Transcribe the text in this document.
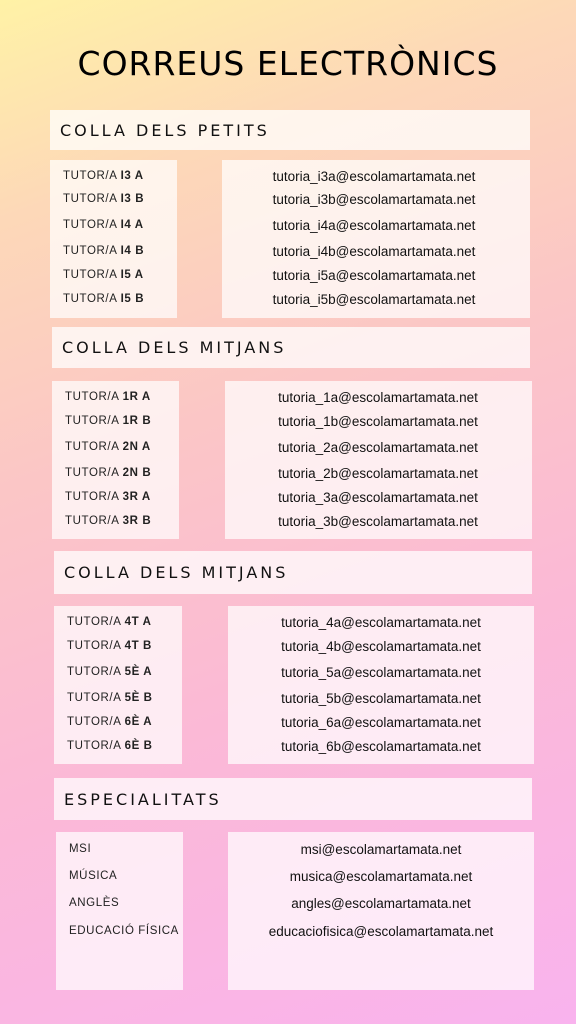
CORREUS ELECTRÒNICS
COLLA DELS PETITS
TUTOR/A I3 A
TUTOR/A I3 B
TUTOR/A I4 A
TUTOR/A I4 B
TUTOR/A I5 A
TUTOR/A I5 B
tutoria_i3a@escolamartamata.net
tutoria_i3b@escolamartamata.net
tutoria_i4a@escolamartamata.net
tutoria_i4b@escolamartamata.net
tutoria_i5a@escolamartamata.net
tutoria_i5b@escolamartamata.net
COLLA DELS MITJANS
TUTOR/A 1R A
TUTOR/A 1R B
TUTOR/A 2N A
TUTOR/A 2N B
TUTOR/A 3R A
TUTOR/A 3R B
tutoria_1a@escolamartamata.net
tutoria_1b@escolamartamata.net
tutoria_2a@escolamartamata.net
tutoria_2b@escolamartamata.net
tutoria_3a@escolamartamata.net
tutoria_3b@escolamartamata.net
COLLA DELS MITJANS
TUTOR/A 4T A
TUTOR/A 4T B
TUTOR/A 5È A
TUTOR/A 5È B
TUTOR/A 6È A
TUTOR/A 6È B
tutoria_4a@escolamartamata.net
tutoria_4b@escolamartamata.net
tutoria_5a@escolamartamata.net
tutoria_5b@escolamartamata.net
tutoria_6a@escolamartamata.net
tutoria_6b@escolamartamata.net
ESPECIALITATS
MSI
MÚSICA
ANGLÈS
EDUCACIÓ FÍSICA
msi@escolamartamata.net
musica@escolamartamata.net
angles@escolamartamata.net
educaciofisica@escolamartamata.net
